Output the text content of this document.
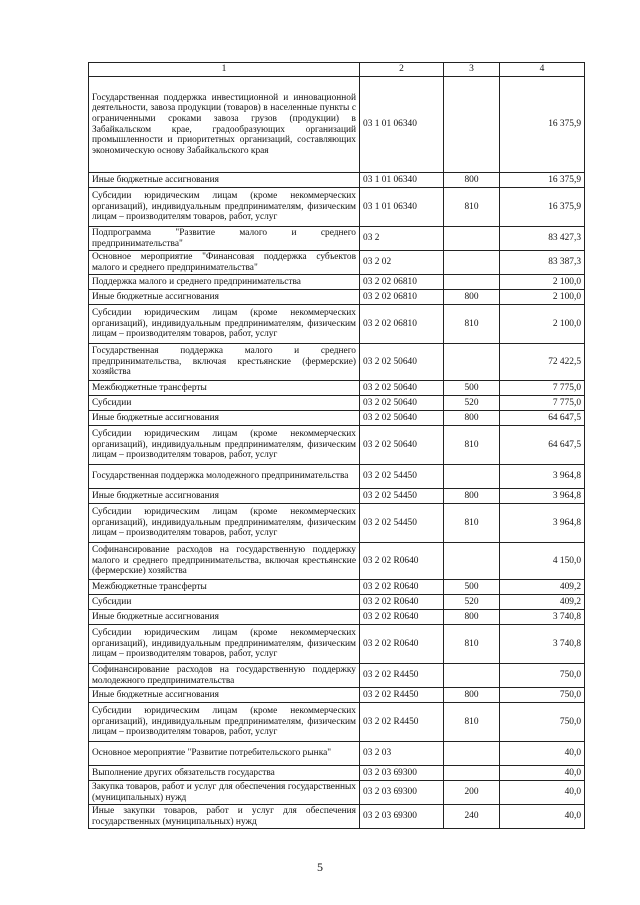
1	2	3	4
Государственная поддержка инвестиционной и инновационной деятельности, завоза продукции (товаров) в населенные пункты с ограниченными сроками завоза грузов (продукции) в Забайкальском крае, градообразующих организаций промышленности и приоритетных организаций, составляющих экономическую основу Забайкальского края	03 1 01 06340		16 375,9
Иные бюджетные ассигнования	03 1 01 06340	800	16 375,9
Субсидии юридическим лицам (кроме некоммерческих организаций), индивидуальным предпринимателям, физическим лицам – производителям товаров, работ, услуг	03 1 01 06340	810	16 375,9
Подпрограмма "Развитие малого и среднего предпринимательства"	03 2		83 427,3
Основное мероприятие "Финансовая поддержка субъектов малого и среднего предпринимательства"	03 2 02		83 387,3
Поддержка малого и среднего предпринимательства	03 2 02 06810		2 100,0
Иные бюджетные ассигнования	03 2 02 06810	800	2 100,0
Субсидии юридическим лицам (кроме некоммерческих организаций), индивидуальным предпринимателям, физическим лицам – производителям товаров, работ, услуг	03 2 02 06810	810	2 100,0
Государственная поддержка малого и среднего предпринимательства, включая крестьянские (фермерские) хозяйства	03 2 02 50640		72 422,5
Межбюджетные трансферты	03 2 02 50640	500	7 775,0
Субсидии	03 2 02 50640	520	7 775,0
Иные бюджетные ассигнования	03 2 02 50640	800	64 647,5
Субсидии юридическим лицам (кроме некоммерческих организаций), индивидуальным предпринимателям, физическим лицам – производителям товаров, работ, услуг	03 2 02 50640	810	64 647,5
Государственная поддержка молодежного предпринимательства	03 2 02 54450		3 964,8
Иные бюджетные ассигнования	03 2 02 54450	800	3 964,8
Субсидии юридическим лицам (кроме некоммерческих организаций), индивидуальным предпринимателям, физическим лицам – производителям товаров, работ, услуг	03 2 02 54450	810	3 964,8
Софинансирование расходов на государственную поддержку малого и среднего предпринимательства, включая крестьянские (фермерские) хозяйства	03 2 02 R0640		4 150,0
Межбюджетные трансферты	03 2 02 R0640	500	409,2
Субсидии	03 2 02 R0640	520	409,2
Иные бюджетные ассигнования	03 2 02 R0640	800	3 740,8
Субсидии юридическим лицам (кроме некоммерческих организаций), индивидуальным предпринимателям, физическим лицам – производителям товаров, работ, услуг	03 2 02 R0640	810	3 740,8
Софинансирование расходов на государственную поддержку молодежного предпринимательства	03 2 02 R4450		750,0
Иные бюджетные ассигнования	03 2 02 R4450	800	750,0
Субсидии юридическим лицам (кроме некоммерческих организаций), индивидуальным предпринимателям, физическим лицам – производителям товаров, работ, услуг	03 2 02 R4450	810	750,0
Основное мероприятие "Развитие потребительского рынка"	03 2 03		40,0
Выполнение других обязательств государства	03 2 03 69300		40,0
Закупка товаров, работ и услуг для обеспечения государственных (муниципальных) нужд	03 2 03 69300	200	40,0
Иные закупки товаров, работ и услуг для обеспечения государственных (муниципальных) нужд	03 2 03 69300	240	40,0
5
